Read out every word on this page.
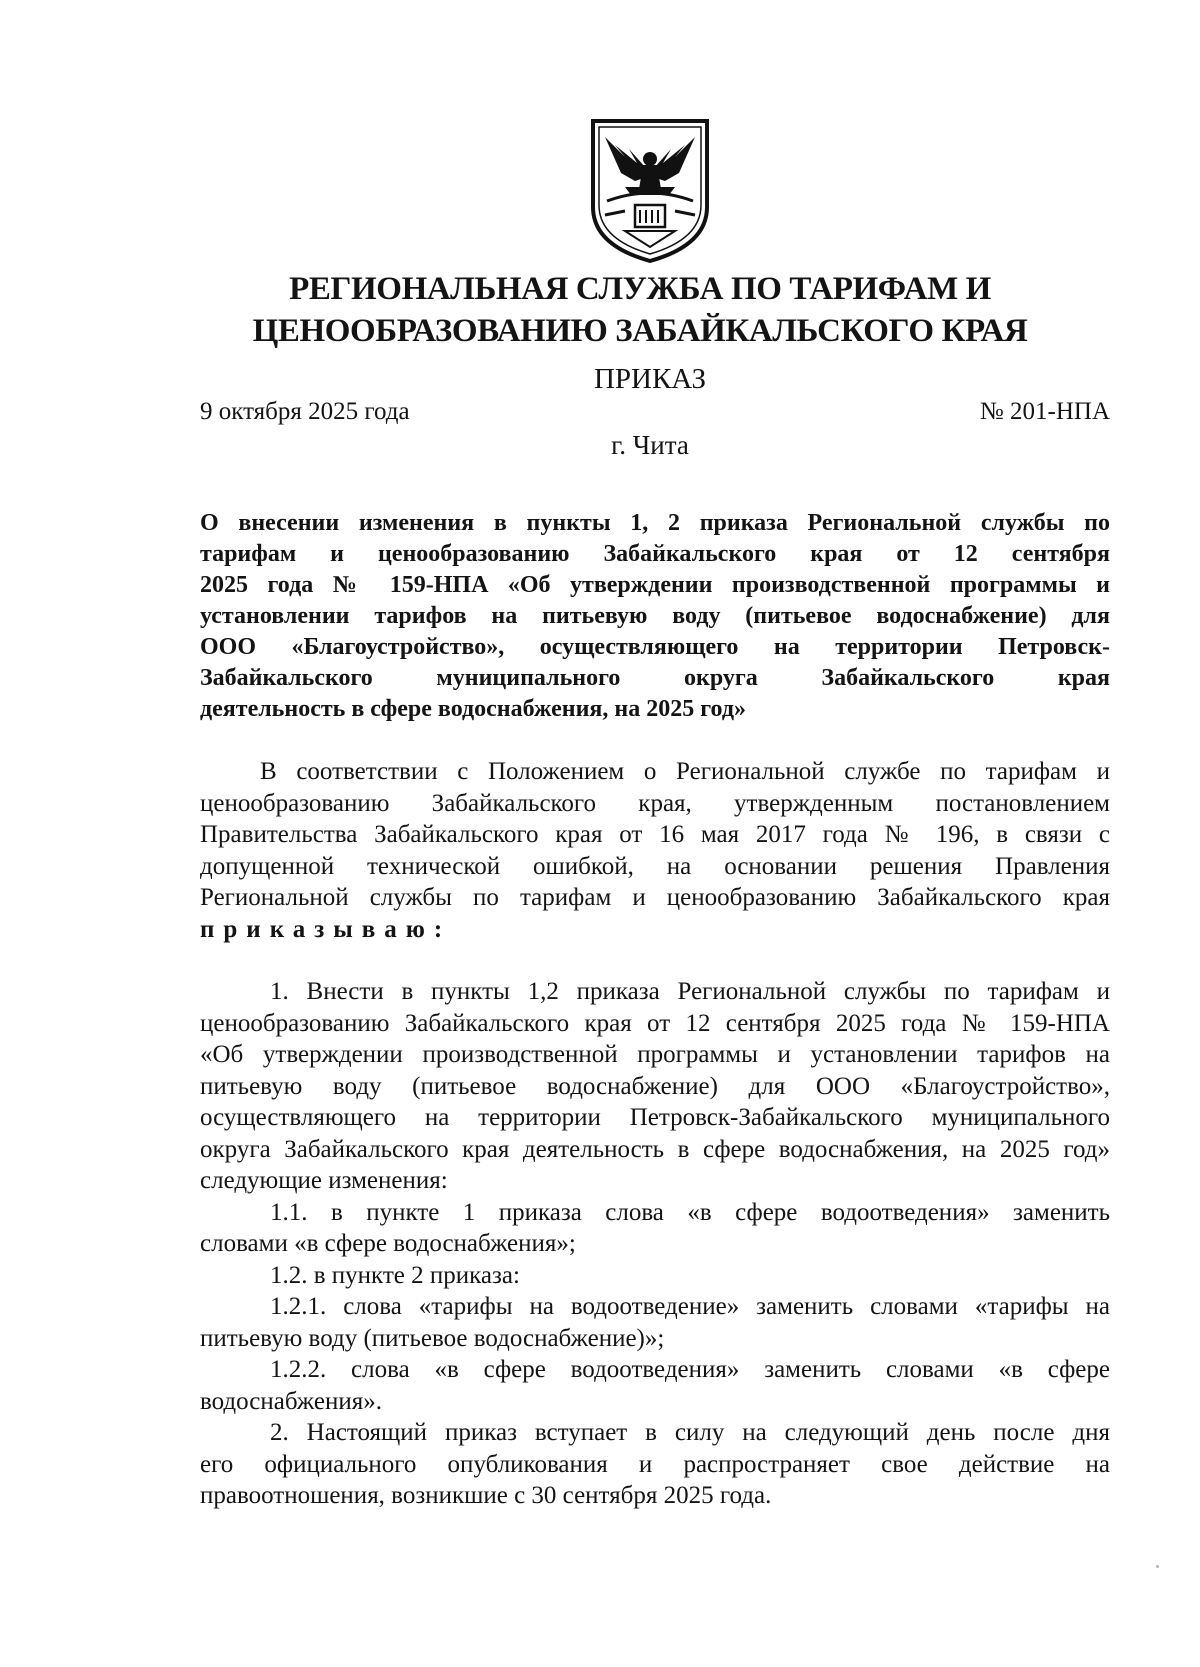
РЕГИОНАЛЬНАЯ СЛУЖБА ПО ТАРИФАМ И
ЦЕНООБРАЗОВАНИЮ ЗАБАЙКАЛЬСКОГО КРАЯ
ПРИКАЗ
9 октября 2025 года	№ 201-НПА
г. Чита
О внесении изменения в пункты 1, 2 приказа Региональной службы по
тарифам и ценообразованию Забайкальского края от 12 сентября
2025 года № 159-НПА «Об утверждении производственной программы и
установлении тарифов на питьевую воду (питьевое водоснабжение) для
ООО «Благоустройство», осуществляющего на территории Петровск-
Забайкальского муниципального округа Забайкальского края
деятельность в сфере водоснабжения, на 2025 год»
В соответствии с Положением о Региональной службе по тарифам и
ценообразованию Забайкальского края, утвержденным постановлением
Правительства Забайкальского края от 16 мая 2017 года № 196, в связи с
допущенной технической ошибкой, на основании решения Правления
Региональной службы по тарифам и ценообразованию Забайкальского края
приказываю:
1. Внести в пункты 1,2 приказа Региональной службы по тарифам и
ценообразованию Забайкальского края от 12 сентября 2025 года № 159-НПА
«Об утверждении производственной программы и установлении тарифов на
питьевую воду (питьевое водоснабжение) для ООО «Благоустройство»,
осуществляющего на территории Петровск-Забайкальского муниципального
округа Забайкальского края деятельность в сфере водоснабжения, на 2025 год»
следующие изменения:
1.1. в пункте 1 приказа слова «в сфере водоотведения» заменить
словами «в сфере водоснабжения»;
1.2. в пункте 2 приказа:
1.2.1. слова «тарифы на водоотведение» заменить словами «тарифы на
питьевую воду (питьевое водоснабжение)»;
1.2.2. слова «в сфере водоотведения» заменить словами «в сфере
водоснабжения».
2. Настоящий приказ вступает в силу на следующий день после дня
его официального опубликования и распространяет свое действие на
правоотношения, возникшие с 30 сентября 2025 года.
